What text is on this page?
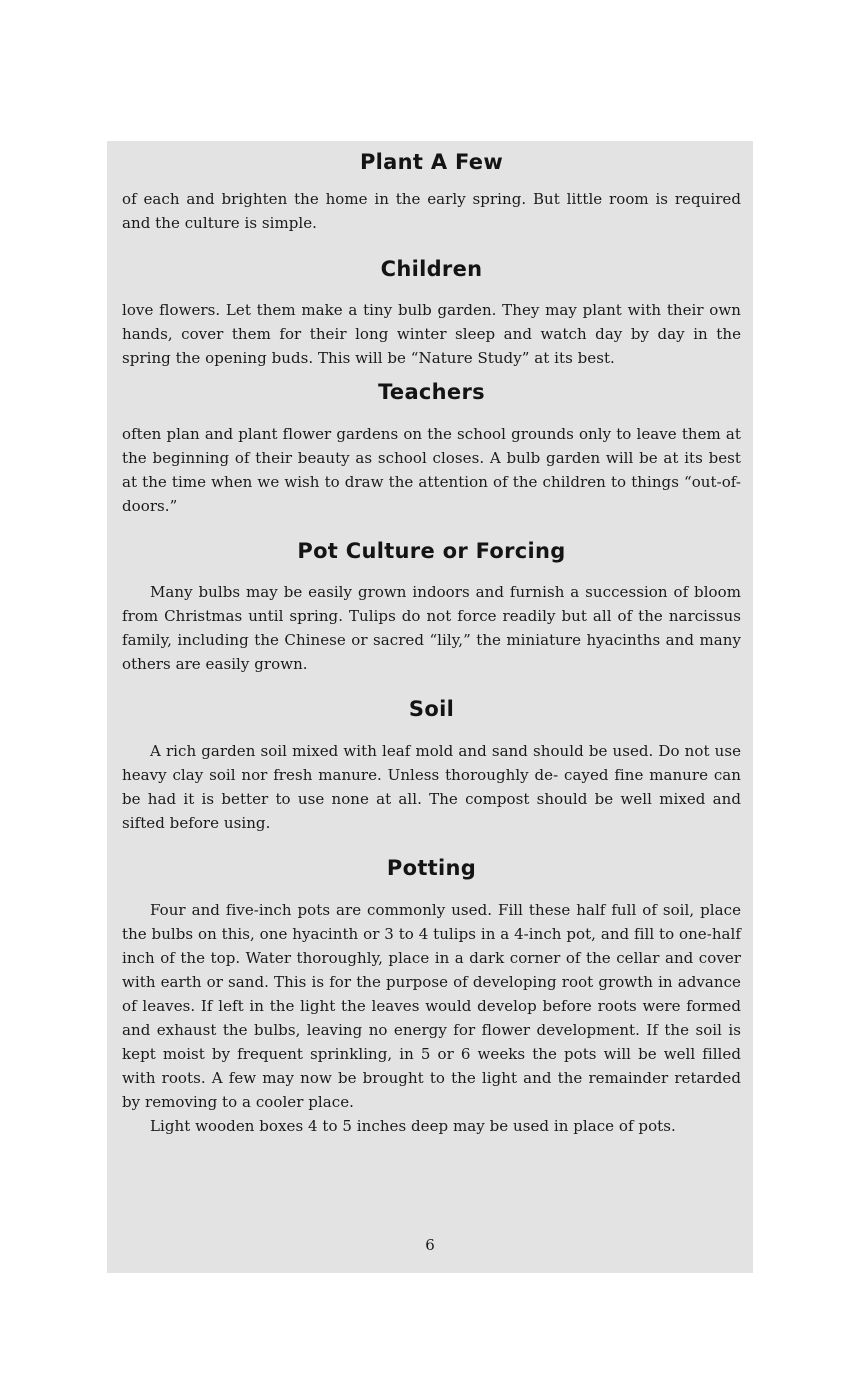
Plant A Few

of each and brighten the home in the early spring. But little room is required and the culture is simple.

Children

love flowers. Let them make a tiny bulb garden. They may plant with their own hands, cover them for their long winter sleep and watch day by day in the spring the opening buds. This will be “Nature Study” at its best.

Teachers

often plan and plant flower gardens on the school grounds only to leave them at the beginning of their beauty as school closes. A bulb garden will be at its best at the time when we wish to draw the attention of the children to things “out-of-doors.”

Pot Culture or Forcing

Many bulbs may be easily grown indoors and furnish a succession of bloom from Christmas until spring. Tulips do not force readily but all of the narcissus family, including the Chinese or sacred “lily,” the miniature hyacinths and many others are easily grown.

Soil

A rich garden soil mixed with leaf mold and sand should be used. Do not use heavy clay soil nor fresh manure. Unless thoroughly de- cayed fine manure can be had it is better to use none at all. The compost should be well mixed and sifted before using.

Potting

Four and five-inch pots are commonly used. Fill these half full of soil, place the bulbs on this, one hyacinth or 3 to 4 tulips in a 4-inch pot, and fill to one-half inch of the top. Water thoroughly, place in a dark corner of the cellar and cover with earth or sand. This is for the purpose of developing root growth in advance of leaves. If left in the light the leaves would develop before roots were formed and exhaust the bulbs, leaving no energy for flower development. If the soil is kept moist by frequent sprinkling, in 5 or 6 weeks the pots will be well filled with roots. A few may now be brought to the light and the remainder retarded by removing to a cooler place.

Light wooden boxes 4 to 5 inches deep may be used in place of pots.

6
